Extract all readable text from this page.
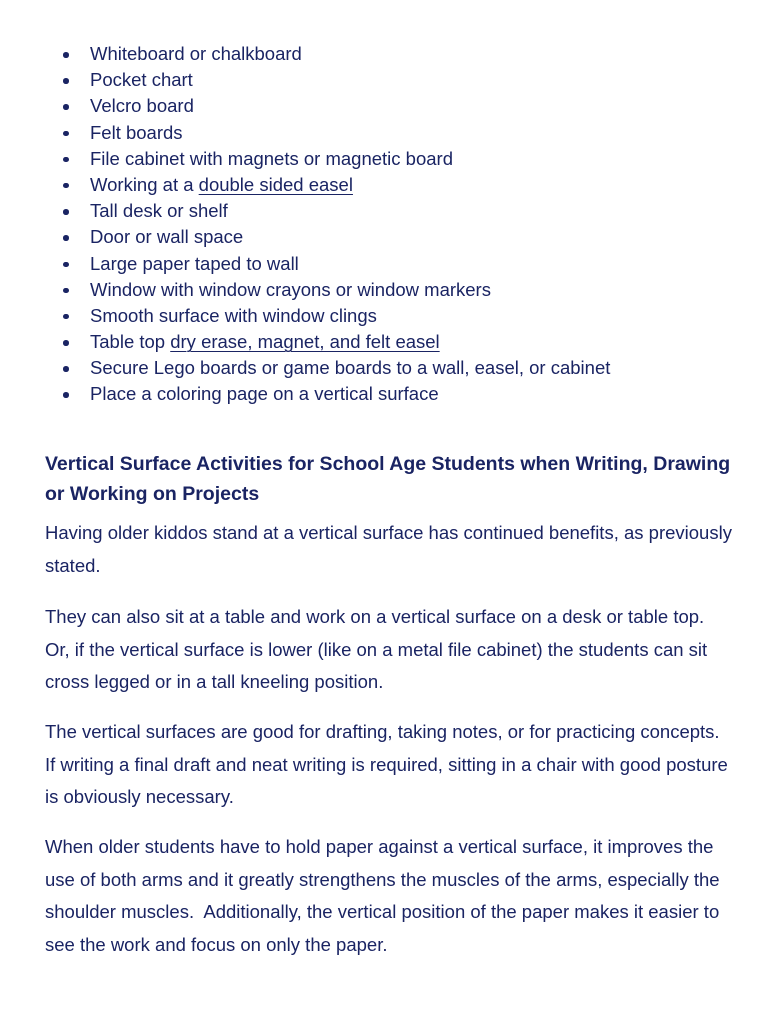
Whiteboard or chalkboard
Pocket chart
Velcro board
Felt boards
File cabinet with magnets or magnetic board
Working at a double sided easel
Tall desk or shelf
Door or wall space
Large paper taped to wall
Window with window crayons or window markers
Smooth surface with window clings
Table top dry erase, magnet, and felt easel
Secure Lego boards or game boards to a wall, easel, or cabinet
Place a coloring page on a vertical surface
Vertical Surface Activities for School Age Students when Writing, Drawing or Working on Projects

Having older kiddos stand at a vertical surface has continued benefits, as previously stated.

They can also sit at a table and work on a vertical surface on a desk or table top.  Or, if the vertical surface is lower (like on a metal file cabinet) the students can sit cross legged or in a tall kneeling position.

The vertical surfaces are good for drafting, taking notes, or for practicing concepts.  If writing a final draft and neat writing is required, sitting in a chair with good posture is obviously necessary.

When older students have to hold paper against a vertical surface, it improves the use of both arms and it greatly strengthens the muscles of the arms, especially the shoulder muscles.  Additionally, the vertical position of the paper makes it easier to see the work and focus on only the paper.
